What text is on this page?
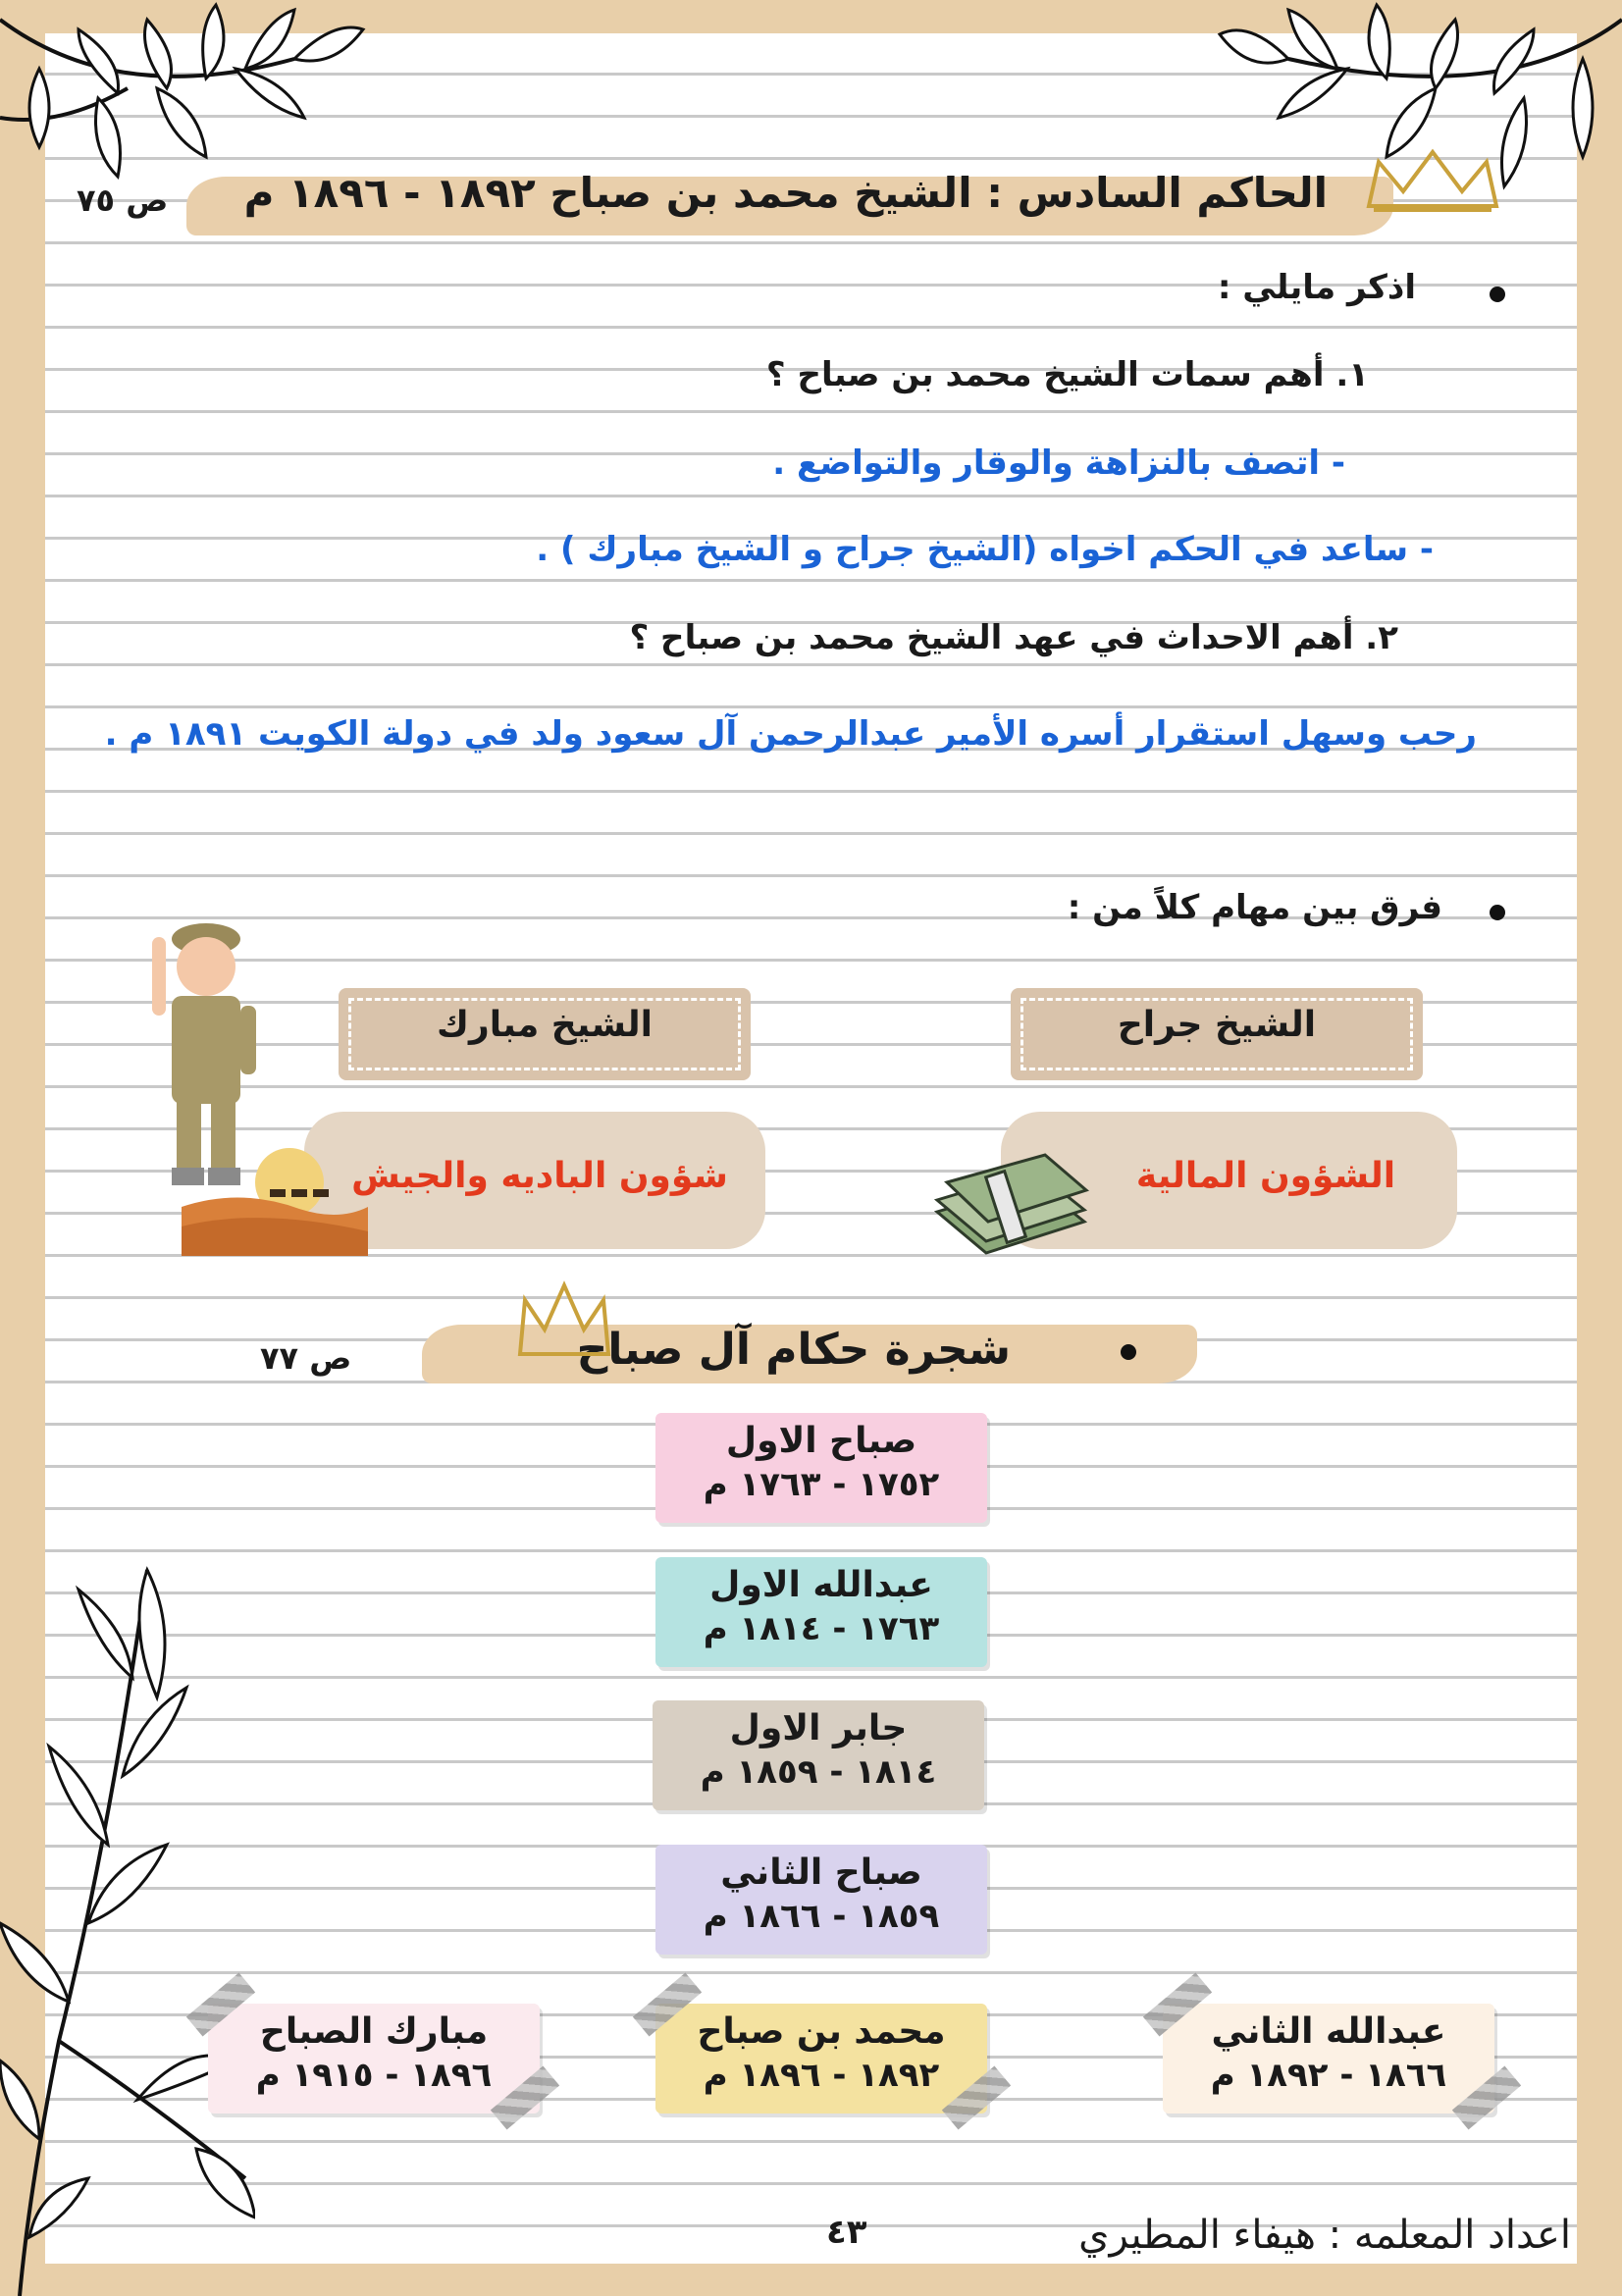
الحاكم السادس : الشيخ محمد بن صباح ١٨٩٢ - ١٨٩٦ م
ص ٧٥
اذكر مايلي :
١. أهم سمات الشيخ محمد بن صباح ؟
- اتصف بالنزاهة والوقار والتواضع .
- ساعد في الحكم اخواه (الشيخ جراح و الشيخ مبارك ) .
٢. أهم الاحداث في عهد الشيخ محمد بن صباح ؟
رحب وسهل استقرار أسره الأمير عبدالرحمن آل سعود ولد في دولة الكويت ١٨٩١ م .
فرق بين مهام كلاً من :
الشيخ جراح
الشيخ مبارك
الشؤون المالية
شؤون الباديه والجيش
شجرة حكام آل صباح
ص ٧٧
صباح الاول
١٧٥٢ - ١٧٦٣ م
عبدالله الاول
١٧٦٣ - ١٨١٤ م
جابر الاول
١٨١٤ - ١٨٥٩ م
صباح الثاني
١٨٥٩ - ١٨٦٦ م
مبارك الصباح
١٨٩٦ - ١٩١٥ م
محمد بن صباح
١٨٩٢ - ١٨٩٦ م
عبدالله الثاني
١٨٦٦ - ١٨٩٢ م
٤٣	اعداد المعلمه : هيفاء المطيري
